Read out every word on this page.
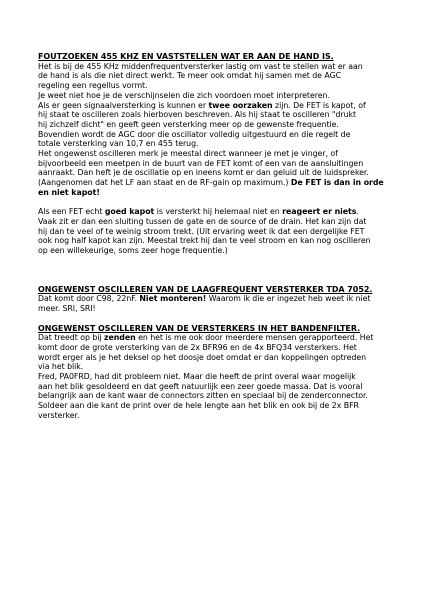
FOUTZOEKEN 455 KHZ EN VASTSTELLEN WAT ER AAN DE HAND IS.

Het is bij de 455 KHz middenfrequentversterker lastig om vast te stellen wat er aan

de hand is als die niet direct werkt. Te meer ook omdat hij samen met de AGC

regeling een regellus vormt.

Je weet niet hoe je de verschijnselen die zich voordoen moet interpreteren.

Als er geen signaalversterking is kunnen er twee oorzaken zijn. De FET is kapot, of

hij staat te oscilleren zoals hierboven beschreven. Als hij staat te oscilleren "drukt

hij zichzelf dicht" en geeft geen versterking meer op de gewenste frequentie.

Bovendien wordt de AGC door die oscillator volledig uitgestuurd en die regelt de

totale versterking van 10,7 en 455 terug.

Het ongewenst oscilleren merk je meestal direct wanneer je met je vinger, of

bijvoorbeeld een meetpen in de buurt van de FET komt of een van de aansluitingen

aanraakt. Dan heft je de oscillatie op en ineens komt er dan geluid uit de luidspreker.

(Aangenomen dat het LF aan staat en de RF-gain op maximum.) De FET is dan in orde

en niet kapot!

Als een FET echt goed kapot is versterkt hij helemaal niet en reageert er niets.

Vaak zit er dan een sluiting tussen de gate en de source of de drain. Het kan zijn dat

hij dan te veel of te weinig stroom trekt. (Uit ervaring weet ik dat een dergelijke FET

ook nog half kapot kan zijn. Meestal trekt hij dan te veel stroom en kan nog oscilleren

op een willekeurige, soms zeer hoge frequentie.)

ONGEWENST OSCILLEREN VAN DE LAAGFREQUENT VERSTERKER TDA 7052.

Dat komt door C98, 22nF. Niet monteren! Waarom ik die er ingezet heb weet ik niet

meer. SRI, SRI!

ONGEWENST OSCILLEREN VAN DE VERSTERKERS IN HET BANDENFILTER.

Dat treedt op bij zenden en het is me ook door meerdere mensen gerapporteerd. Het

komt door de grote versterking van de 2x BFR96 en de 4x BFQ34 versterkers. Het

wordt erger als je het deksel op het doosje doet omdat er dan koppelingen optreden

via het blik.

Fred, PA0FRD, had dit probleem niet. Maar die heeft de print overal waar mogelijk

aan het blik gesoldeerd en dat geeft natuurlijk een zeer goede massa. Dat is vooral

belangrijk aan de kant waar de connectors zitten en speciaal bij de zenderconnector.

Soldeer aan die kant de print over de hele lengte aan het blik en ook bij de 2x BFR

versterker.
